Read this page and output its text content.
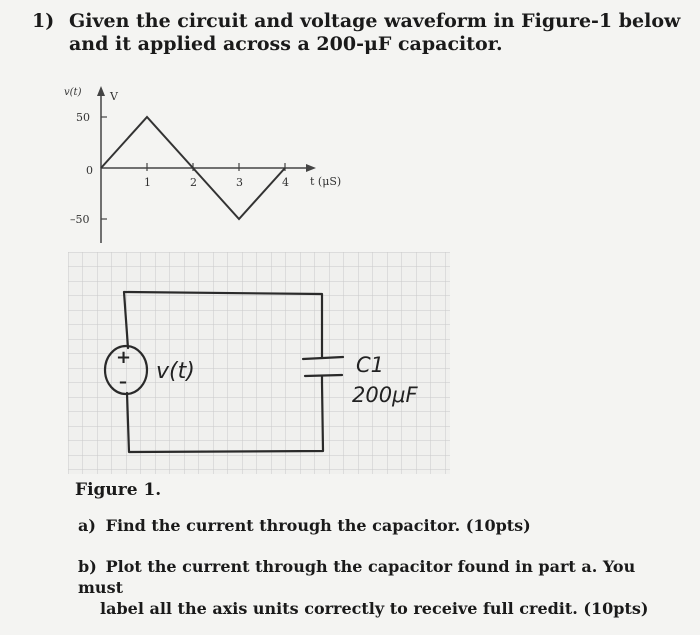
1) Given the circuit and voltage waveform in Figure-1 below and it applied across a 200-μF capacitor.
v(t)	V
50
0
–50
1	2	3	4 t (μS)
+
– v(t)	C1
200μF
Figure 1.
a) Find the current through the capacitor. (10pts)
b) Plot the current through the capacitor found in part a. You must
label all the axis units correctly to receive full credit. (10pts)
